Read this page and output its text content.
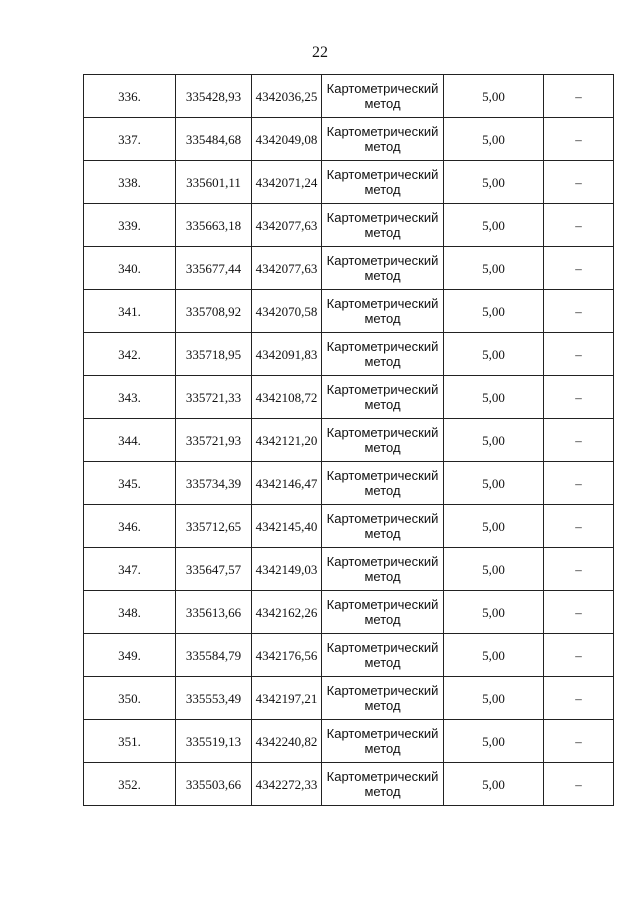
22
336.	335428,93	4342036,25	Картометрический
метод	5,00	–
337.	335484,68	4342049,08	Картометрический
метод	5,00	–
338.	335601,11	4342071,24	Картометрический
метод	5,00	–
339.	335663,18	4342077,63	Картометрический
метод	5,00	–
340.	335677,44	4342077,63	Картометрический
метод	5,00	–
341.	335708,92	4342070,58	Картометрический
метод	5,00	–
342.	335718,95	4342091,83	Картометрический
метод	5,00	–
343.	335721,33	4342108,72	Картометрический
метод	5,00	–
344.	335721,93	4342121,20	Картометрический
метод	5,00	–
345.	335734,39	4342146,47	Картометрический
метод	5,00	–
346.	335712,65	4342145,40	Картометрический
метод	5,00	–
347.	335647,57	4342149,03	Картометрический
метод	5,00	–
348.	335613,66	4342162,26	Картометрический
метод	5,00	–
349.	335584,79	4342176,56	Картометрический
метод	5,00	–
350.	335553,49	4342197,21	Картометрический
метод	5,00	–
351.	335519,13	4342240,82	Картометрический
метод	5,00	–
352.	335503,66	4342272,33	Картометрический
метод	5,00	–
